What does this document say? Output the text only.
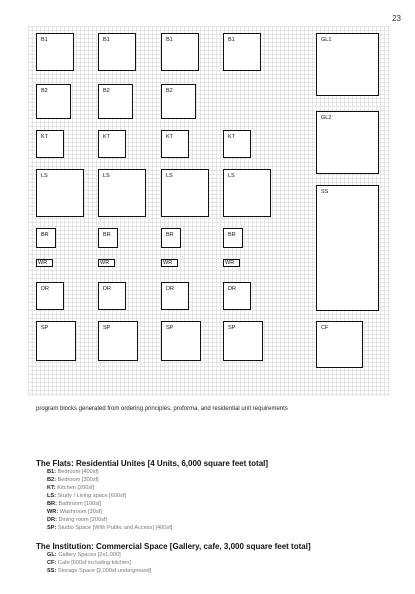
23
B1	B1	B1	B1
B2	B2	B2
KT	KT	KT	KT
LS	LS	LS	LS
BR	BR	BR	BR
WR	WR	WR	WR
DR	DR	DR	DR
SP	SP	SP	SP
GL1
GL2
SS
CF
program blocks generated from ordering principles, proforma, and residential unit requirements
The Flats: Residential Unites [4 Units, 6,000 square feet total]
B1: Bedroom [400sf]
B2: Bedroom [300sf]
KT: Kitchen [200sf]
LS: Study / Living space [600sf]
BR: Bathroom [100sf]
WR: Washroom [30sf]
DR: Dining room [200sf]
SP: Studio Space [With Public and Access] [400sf]
The Institution: Commercial Space [Gallery, cafe, 3,000 square feet total]
GL: Gallery Spaces [2x1,000]
CF: Cafe [600sf including kitchen]
SS: Storage Space [2,000sf underground]
